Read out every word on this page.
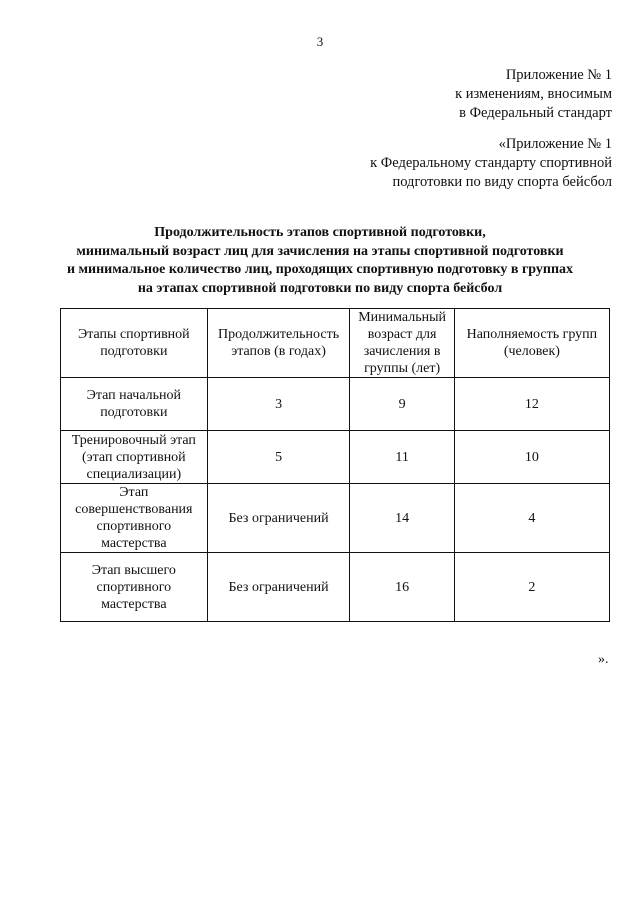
3
Приложение № 1
к изменениям, вносимым
в Федеральный стандарт
«Приложение № 1
к Федеральному стандарту спортивной
подготовки по виду спорта бейсбол
Продолжительность этапов спортивной подготовки,
минимальный возраст лиц для зачисления на этапы спортивной подготовки
и минимальное количество лиц, проходящих спортивную подготовку в группах
на этапах спортивной подготовки по виду спорта бейсбол
Этапы спортивной подготовки	Продолжительность этапов (в годах)	Минимальный возраст для зачисления в группы (лет)	Наполняемость групп (человек)
Этап начальной подготовки	3	9	12
Тренировочный этап (этап спортивной специализации)	5	11	10
Этап совершенствования спортивного мастерства	Без ограничений	14	4
Этап высшего спортивного мастерства	Без ограничений	16	2
».
